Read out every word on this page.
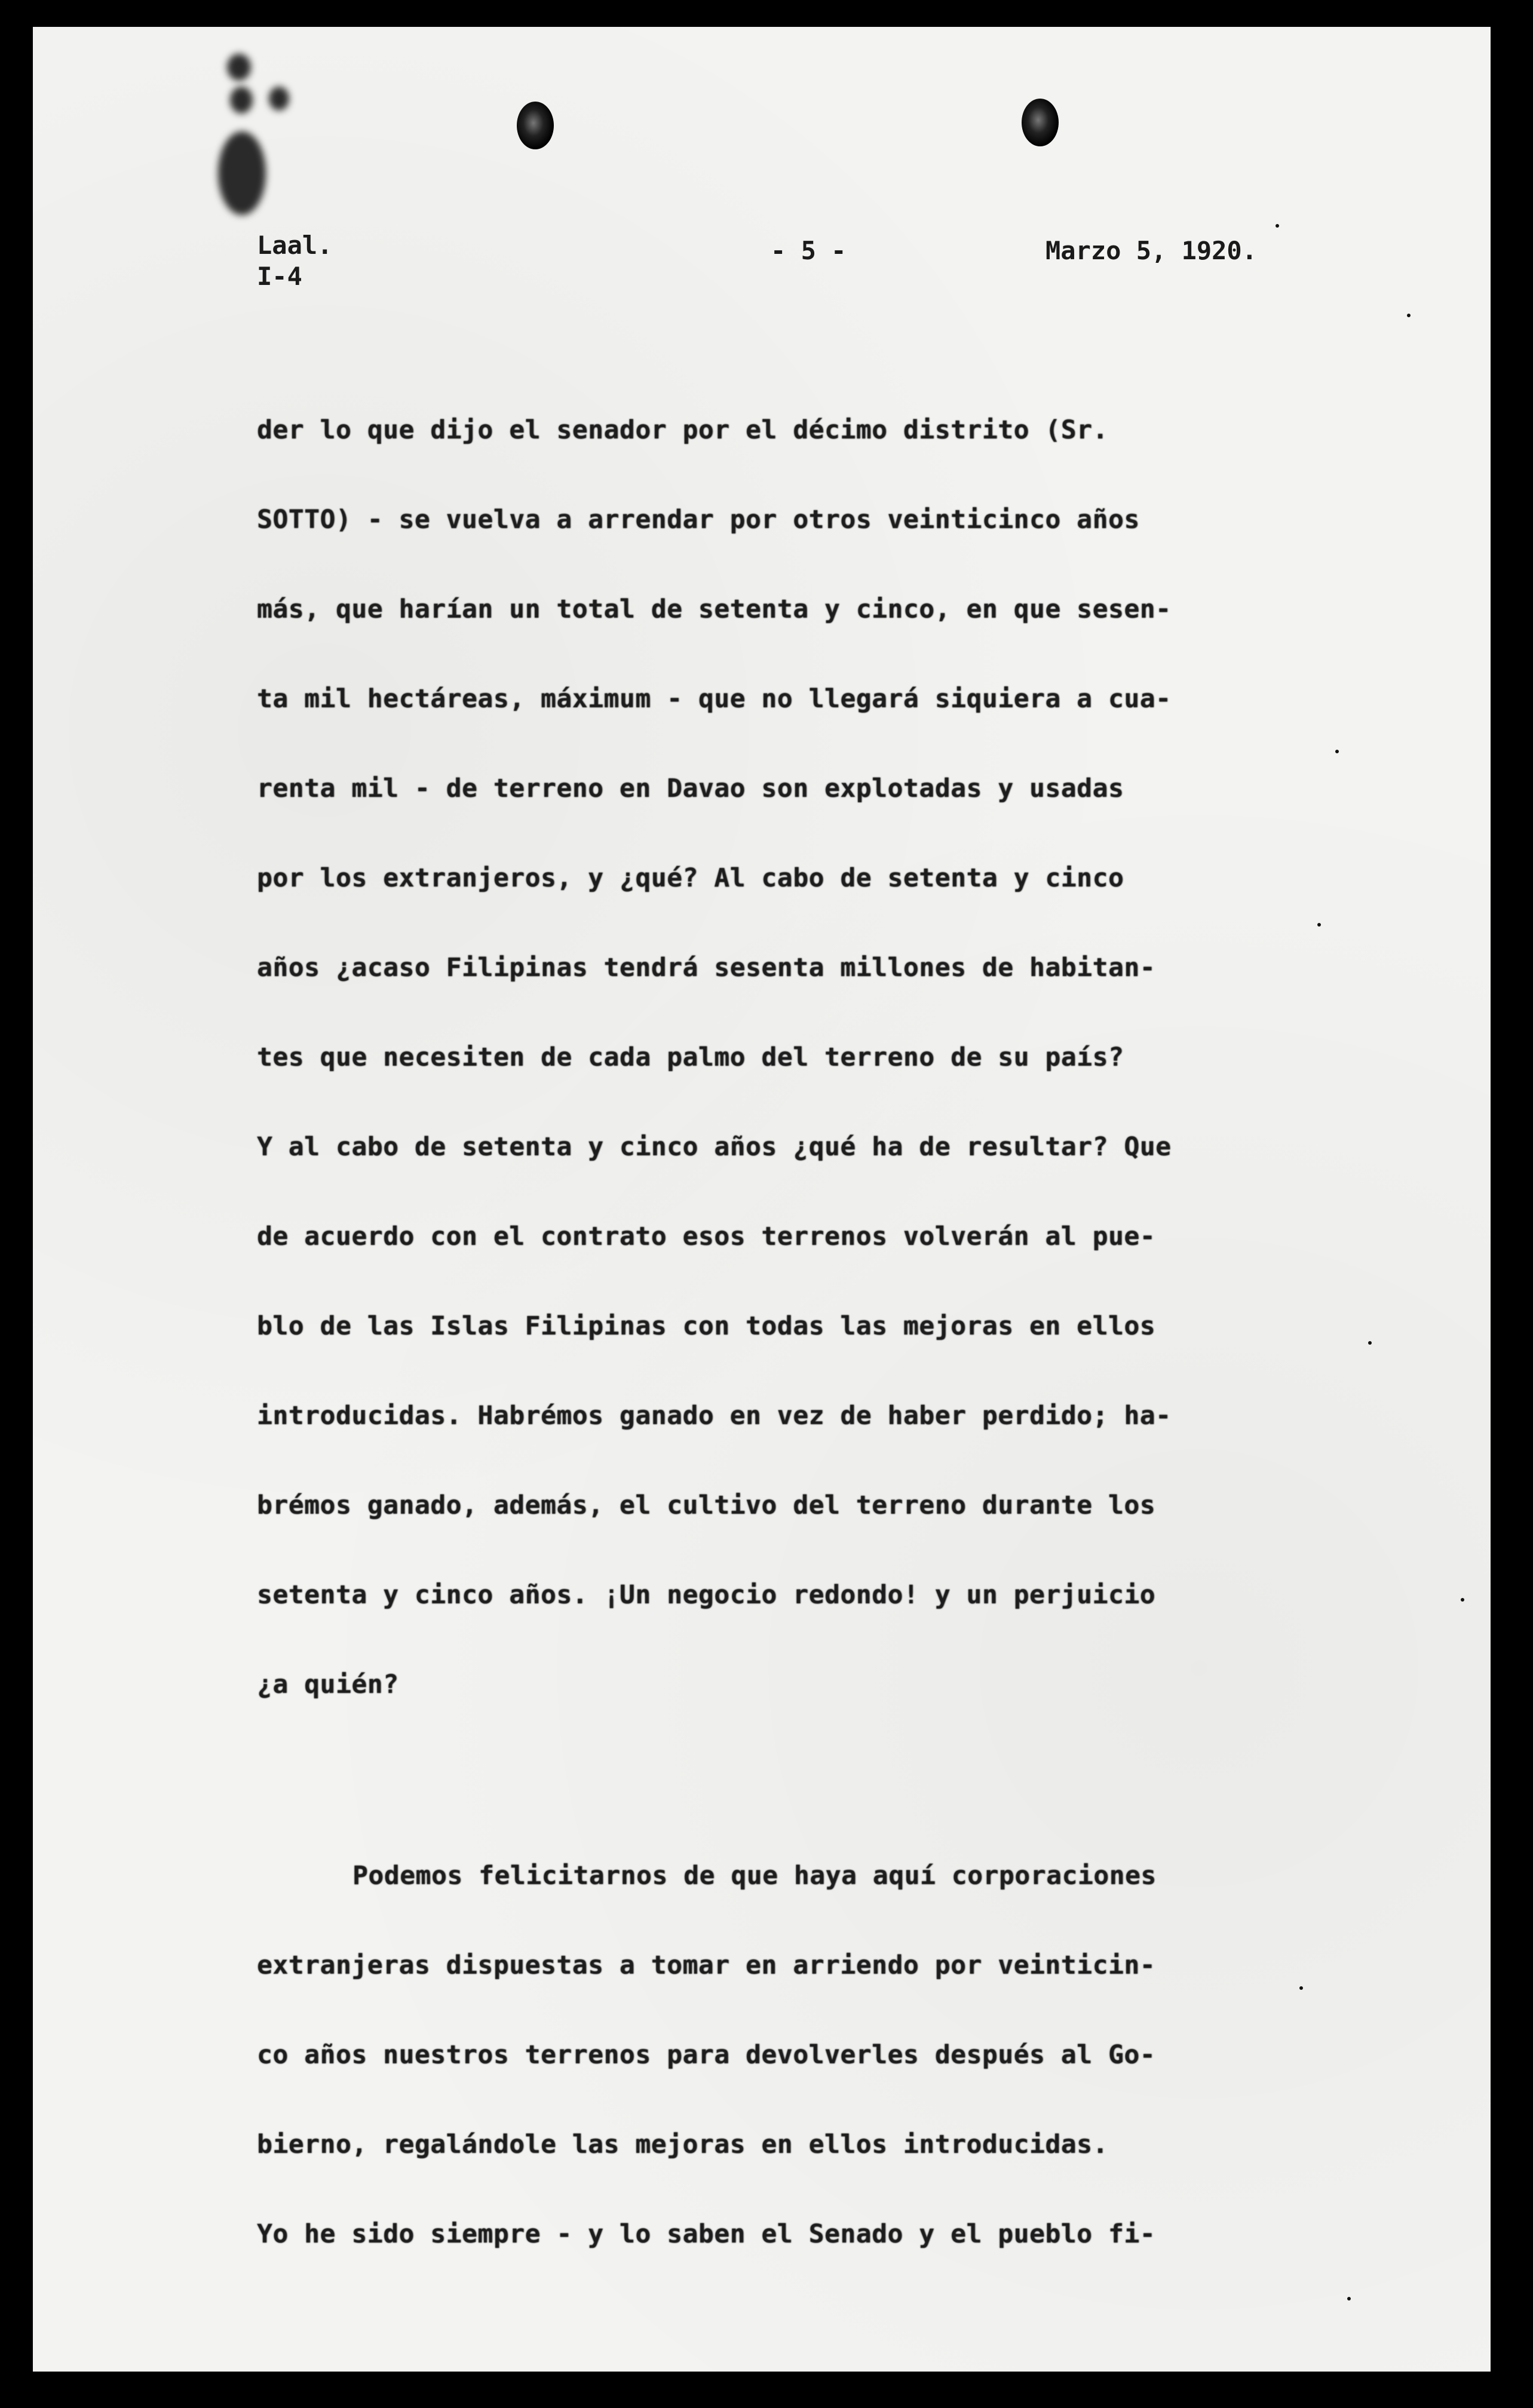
Laal.
I-4
- 5 -	Marzo 5, 1920.
der lo que dijo el senador por el décimo distrito (Sr.
SOTTO) - se vuelva a arrendar por otros veinticinco años
más, que harían un total de setenta y cinco, en que sesen-
ta mil hectáreas, máximum - que no llegará siquiera a cua-
renta mil - de terreno en Davao son explotadas y usadas
por los extranjeros, y ¿qué? Al cabo de setenta y cinco
años ¿acaso Filipinas tendrá sesenta millones de habitan-
tes que necesiten de cada palmo del terreno de su país?
Y al cabo de setenta y cinco años ¿qué ha de resultar? Que
de acuerdo con el contrato esos terrenos volverán al pue-
blo de las Islas Filipinas con todas las mejoras en ellos
introducidas. Habrémos ganado en vez de haber perdido; ha-
brémos ganado, además, el cultivo del terreno durante los
setenta y cinco años. ¡Un negocio redondo! y un perjuicio
¿a quién?
Podemos felicitarnos de que haya aquí corporaciones
extranjeras dispuestas a tomar en arriendo por veinticin-
co años nuestros terrenos para devolverles después al Go-
bierno, regalándole las mejoras en ellos introducidas.
Yo he sido siempre - y lo saben el Senado y el pueblo fi-
